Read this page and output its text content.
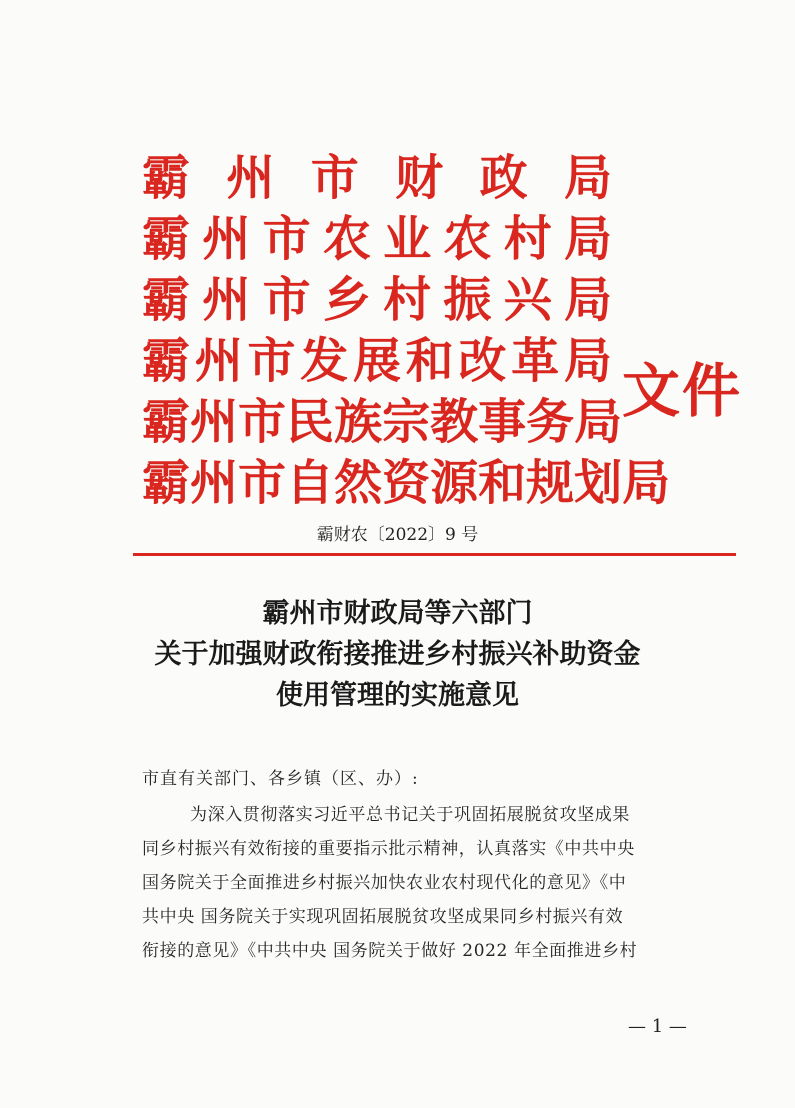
霸 州 市 财 政 局
霸 州 市 农 业 农 村 局
霸 州 市 乡 村 振 兴 局
霸 州 市 发 展 和 改 革 局
霸 州 市 民 族 宗 教 事 务 局
霸 州 市 自 然 资 源 和 规 划 局
文件
霸财农〔2022〕9 号
霸州市财政局等六部门
关于加强财政衔接推进乡村振兴补助资金
使用管理的实施意见
市直有关部门、各乡镇（区、办）:
为深入贯彻落实习近平总书记关于巩固拓展脱贫攻坚成果
同乡村振兴有效衔接的重要指示批示精神，认真落实《中共中央
国务院关于全面推进乡村振兴加快农业农村现代化的意见》《中
共中央 国务院关于实现巩固拓展脱贫攻坚成果同乡村振兴有效
衔接的意见》《中共中央 国务院关于做好 2022 年全面推进乡村
— 1 —
